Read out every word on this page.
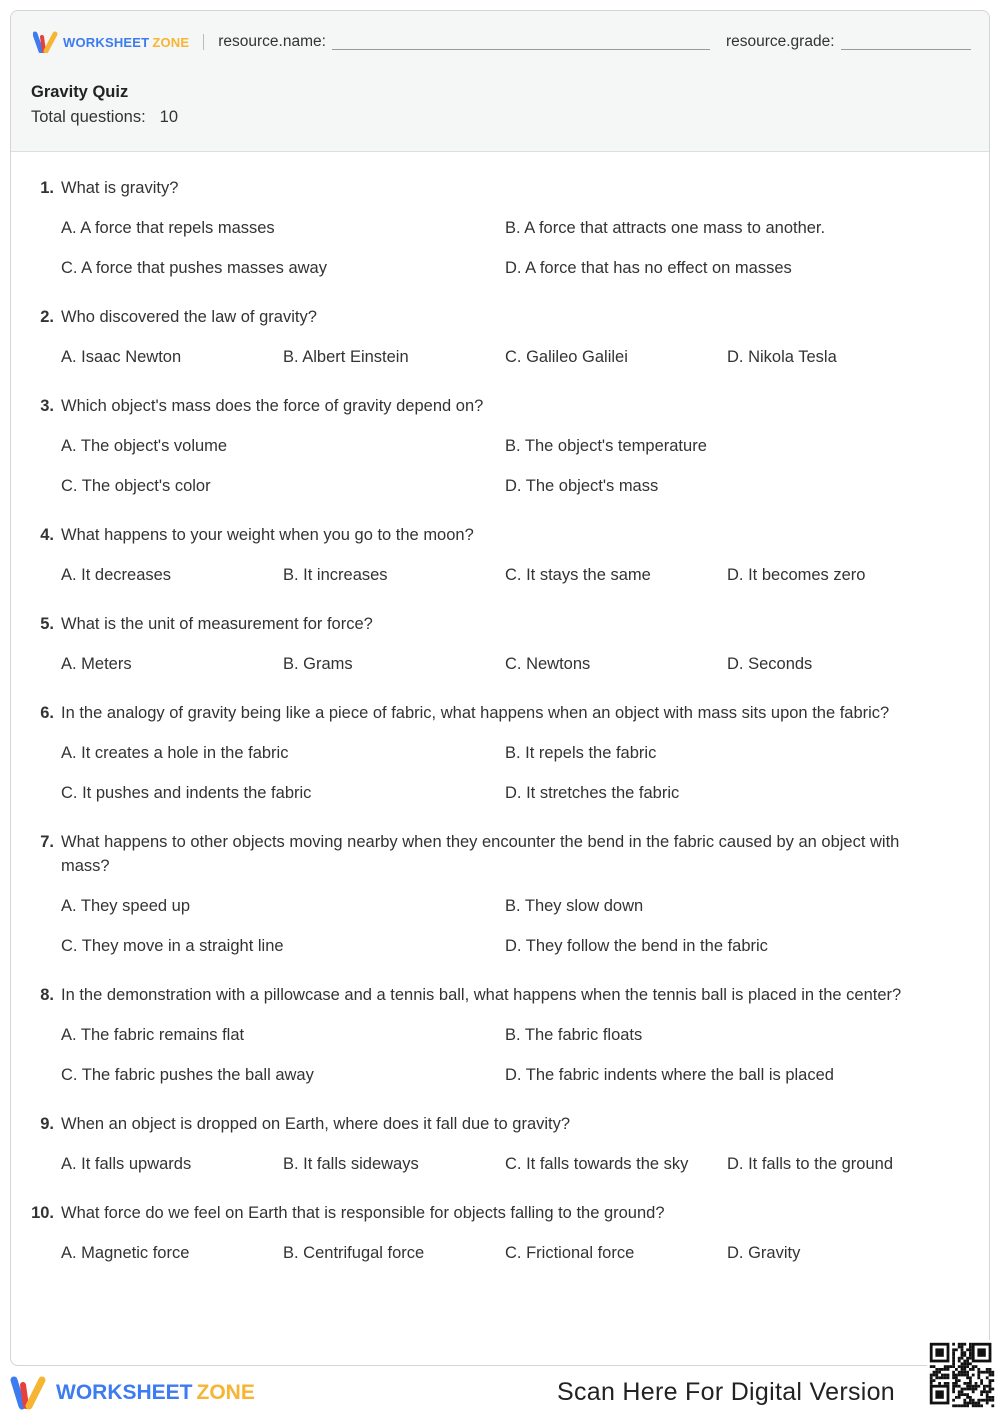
WORKSHEET ZONE resource.name:	resource.grade:
Gravity Quiz
Total questions: 10
1. What is gravity?
A. A force that repels masses	B. A force that attracts one mass to another.
C. A force that pushes masses away	D. A force that has no effect on masses
2. Who discovered the law of gravity?
A. Isaac Newton	B. Albert Einstein	C. Galileo Galilei	D. Nikola Tesla
3. Which object's mass does the force of gravity depend on?
A. The object's volume	B. The object's temperature
C. The object's color	D. The object's mass
4. What happens to your weight when you go to the moon?
A. It decreases	B. It increases	C. It stays the same	D. It becomes zero
5. What is the unit of measurement for force?
A. Meters	B. Grams	C. Newtons	D. Seconds
6. In the analogy of gravity being like a piece of fabric, what happens when an object with mass sits upon the fabric?
A. It creates a hole in the fabric	B. It repels the fabric
C. It pushes and indents the fabric	D. It stretches the fabric
7. What happens to other objects moving nearby when they encounter the bend in the fabric caused by an object with mass?
A. They speed up	B. They slow down
C. They move in a straight line	D. They follow the bend in the fabric
8. In the demonstration with a pillowcase and a tennis ball, what happens when the tennis ball is placed in the center?
A. The fabric remains flat	B. The fabric floats
C. The fabric pushes the ball away	D. The fabric indents where the ball is placed
9. When an object is dropped on Earth, where does it fall due to gravity?
A. It falls upwards	B. It falls sideways	C. It falls towards the sky	D. It falls to the ground
10. What force do we feel on Earth that is responsible for objects falling to the ground?
A. Magnetic force	B. Centrifugal force	C. Frictional force	D. Gravity
WORKSHEET ZONE	Scan Here For Digital Version
